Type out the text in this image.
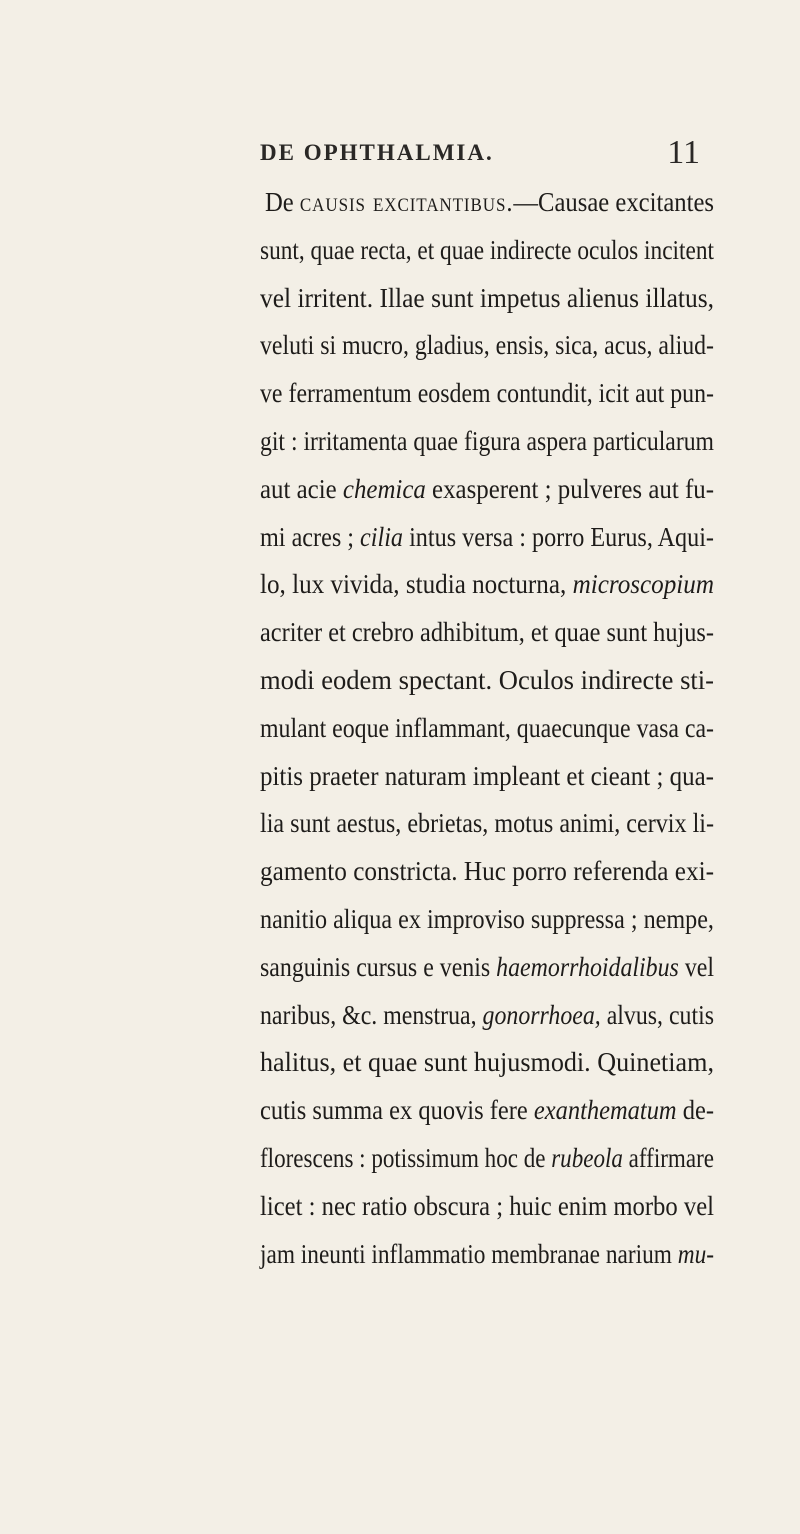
DE OPHTHALMIA.	11
De causis excitantibus.—Causae excitantes
sunt, quae recta, et quae indirecte oculos incitent
vel irritent. Illae sunt impetus alienus illatus,
veluti si mucro, gladius, ensis, sica, acus, aliud-
ve ferramentum eosdem contundit, icit aut pun-
git : irritamenta quae figura aspera particularum
aut acie chemica exasperent ; pulveres aut fu-
mi acres ; cilia intus versa : porro Eurus, Aqui-
lo, lux vivida, studia nocturna, microscopium
acriter et crebro adhibitum, et quae sunt hujus-
modi eodem spectant. Oculos indirecte sti-
mulant eoque inflammant, quaecunque vasa ca-
pitis praeter naturam impleant et cieant ; qua-
lia sunt aestus, ebrietas, motus animi, cervix li-
gamento constricta. Huc porro referenda exi-
nanitio aliqua ex improviso suppressa ; nempe,
sanguinis cursus e venis haemorrhoidalibus vel
naribus, &c. menstrua, gonorrhoea, alvus, cutis
halitus, et quae sunt hujusmodi. Quinetiam,
cutis summa ex quovis fere exanthematum de-
florescens : potissimum hoc de rubeola affirmare
licet : nec ratio obscura ; huic enim morbo vel
jam ineunti inflammatio membranae narium mu-
